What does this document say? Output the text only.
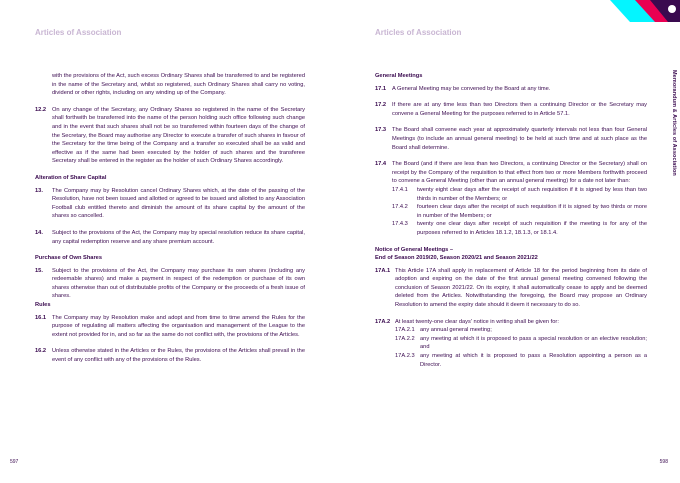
Articles of Association

with the provisions of the Act, such excess Ordinary Shares shall be transferred to and be registered in the name of the Secretary and, whilst so registered, such Ordinary Shares shall carry no voting, dividend or other rights, including on any winding up of the Company.

12.2	On any change of the Secretary, any Ordinary Shares so registered in the name of the Secretary shall forthwith be transferred into the name of the person holding such office following such change and in the event that such shares shall not be so transferred within fourteen days of the change of the Secretary, the Board may authorise any Director to execute a transfer of such shares in favour of the Secretary for the time being of the Company and a transfer so executed shall be as valid and effective as if the same had been executed by the holder of such shares and the transferee Secretary shall be entered in the register as the holder of such Ordinary Shares accordingly.

Alteration of Share Capital

13.	The Company may by Resolution cancel Ordinary Shares which, at the date of the passing of the Resolution, have not been issued and allotted or agreed to be issued and allotted to any Association Football club entitled thereto and diminish the amount of its share capital by the amount of the shares so cancelled.

14.	Subject to the provisions of the Act, the Company may by special resolution reduce its share capital, any capital redemption reserve and any share premium account.

Purchase of Own Shares

15.	Subject to the provisions of the Act, the Company may purchase its own shares (including any redeemable shares) and make a payment in respect of the redemption or purchase of its own shares otherwise than out of distributable profits of the Company or the proceeds of a fresh issue of shares.

Rules

16.1	The Company may by Resolution make and adopt and from time to time amend the Rules for the purpose of regulating all matters affecting the organisation and management of the League to the extent not provided for in, and so far as the same do not conflict with, the provisions of the Articles.

16.2	Unless otherwise stated in the Articles or the Rules, the provisions of the Articles shall prevail in the event of any conflict with any of the provisions of the Rules.

597
Articles of Association
Memorandum & Articles of Association

General Meetings

17.1	A General Meeting may be convened by the Board at any time.

17.2	If there are at any time less than two Directors then a continuing Director or the Secretary may convene a General Meeting for the purposes referred to in Article 57.1.

17.3	The Board shall convene each year at approximately quarterly intervals not less than four General Meetings (to include an annual general meeting) to be held at such time and at such place as the Board shall determine.

17.4	The Board (and if there are less than two Directors, a continuing Director or the Secretary) shall on receipt by the Company of the requisition to that effect from two or more Members forthwith proceed to convene a General Meeting (other than an annual general meeting) for a date not later than:

17.4.1	twenty eight clear days after the receipt of such requisition if it is signed by less than two thirds in number of the Members; or

17.4.2	fourteen clear days after the receipt of such requisition if it is signed by two thirds or more in number of the Members; or

17.4.3	twenty one clear days after receipt of such requisition if the meeting is for any of the purposes referred to in Articles 18.1.2, 18.1.3, or 18.1.4.

Notice of General Meetings –

End of Season 2019/20, Season 2020/21 and Season 2021/22

17A.1 This Article 17A shall apply in replacement of Article 18 for the period beginning from its date of adoption and expiring on the date of the first annual general meeting convened following the conclusion of Season 2021/22. On its expiry, it shall automatically cease to apply and be deemed deleted from the Articles. Notwithstanding the foregoing, the Board may propose an Ordinary Resolution to amend the expiry date should it deem it necessary to do so.

17A.2 At least twenty-one clear days' notice in writing shall be given for:

17A.2.1 any annual general meeting;

17A.2.2 any meeting at which it is proposed to pass a special resolution or an elective resolution; and

17A.2.3 any meeting at which it is proposed to pass a Resolution appointing a person as a Director.

598
